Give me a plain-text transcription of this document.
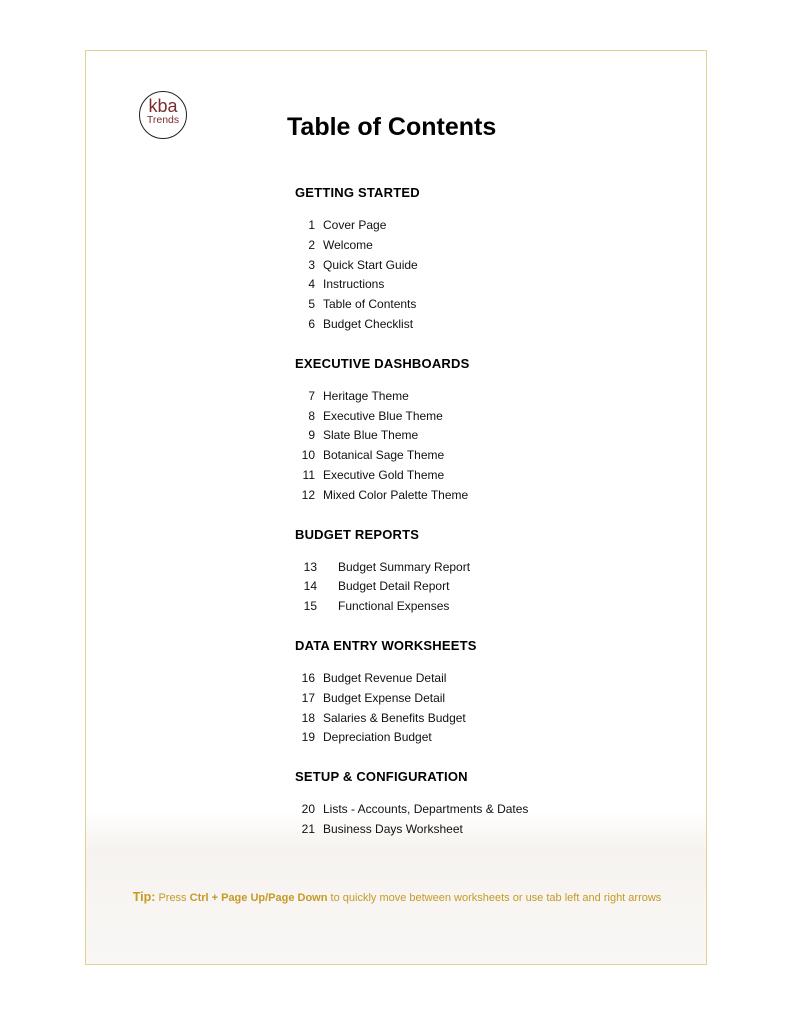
kba
Trends	Table of Contents
GETTING STARTED
1 Cover Page
2 Welcome
3 Quick Start Guide
4 Instructions
5 Table of Contents
6 Budget Checklist
EXECUTIVE DASHBOARDS
7 Heritage Theme
8 Executive Blue Theme
9 Slate Blue Theme
10 Botanical Sage Theme
11 Executive Gold Theme
12 Mixed Color Palette Theme
BUDGET REPORTS
13 Budget Summary Report
14 Budget Detail Report
15 Functional Expenses
DATA ENTRY WORKSHEETS
16 Budget Revenue Detail
17 Budget Expense Detail
18 Salaries & Benefits Budget
19 Depreciation Budget
SETUP & CONFIGURATION
20 Lists - Accounts, Departments & Dates
21 Business Days Worksheet
Tip: Press Ctrl + Page Up/Page Down to quickly move between worksheets or use tab left and right arrows
